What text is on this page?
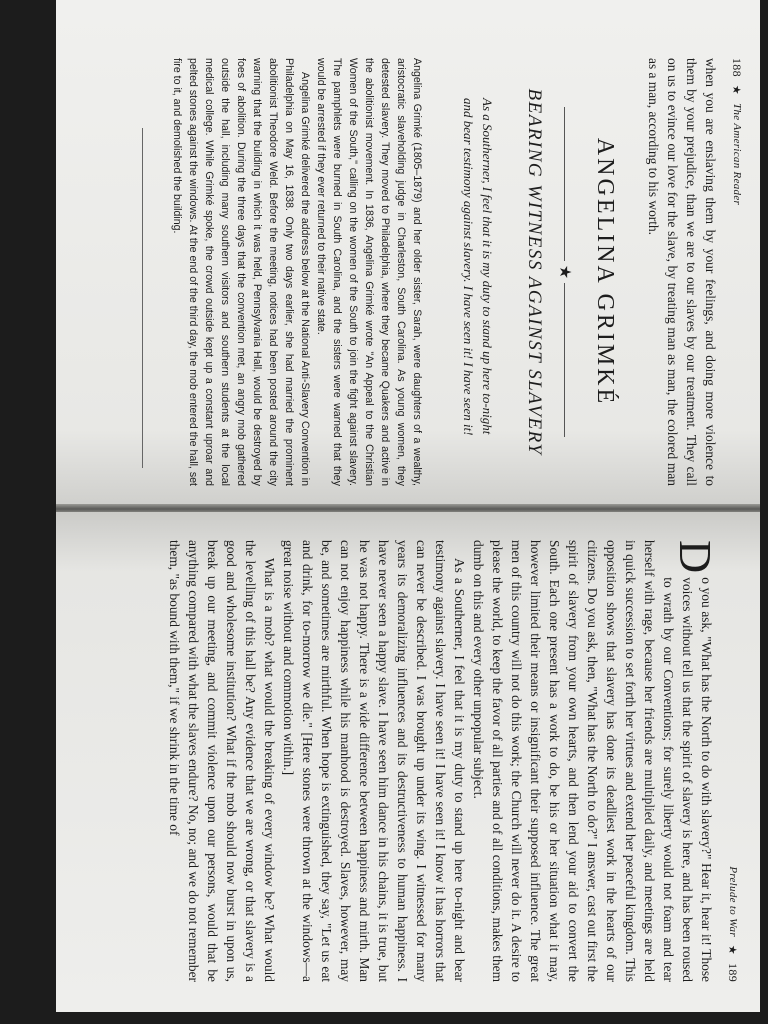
188
★
The American Reader

when you are enslaving them by your feelings, and doing more violence to them by your prejudice, than we are to our slaves by our treatment. They call on us to evince our love for the slave, by treating man as man, the colored man as a man, according to his worth.

ANGELINA GRIMKÉ
★
BEARING WITNESS AGAINST SLAVERY
As a Southerner, I feel that it is my duty to stand up here to-night and bear testimony against slavery. I have seen it! I have seen it!

Angelina Grimké (1805–1879) and her older sister, Sarah, were daughters of a wealthy, aristocratic slaveholding judge in Charleston, South Carolina. As young women, they detested slavery. They moved to Philadelphia, where they became Quakers and active in the abolitionist movement. In 1836, Angelina Grimké wrote "An Appeal to the Christian Women of the South," calling on the women of the South to join the fight against slavery. The pamphlets were burned in South Carolina, and the sisters were warned that they would be arrested if they ever returned to their native state.

Angelina Grimké delivered the address below at the National Anti-Slavery Convention in Philadelphia on May 16, 1838. Only two days earlier, she had married the prominent abolitionist Theodore Weld. Before the meeting, notices had been posted around the city warning that the building in which it was held, Pennsylvania Hall, would be destroyed by foes of abolition. During the three days that the convention met, an angry mob gathered outside the hall, including many southern visitors and southern students at the local medical college. While Grimké spoke, the crowd outside kept up a constant uproar and pelted stones against the windows. At the end of the third day, the mob entered the hall, set fire to it, and demolished the building.

Prelude to War
★
189

D
o you ask, "What has the North to do with slavery?" Hear it, hear it! Those voices without tell us that the spirit of slavery is here, and has been roused to wrath by our Conventions; for surely liberty would not foam and tear herself with rage, because her friends are multiplied daily, and meetings are held in quick succession to set forth her virtues and extend her peaceful kingdom. This opposition shows that slavery has done its deadliest work in the hearts of our citizens. Do you ask, then, "What has the North to do?" I answer, cast out first the spirit of slavery from your own hearts, and then lend your aid to convert the South. Each one present has a work to do, be his or her situation what it may, however limited their means or insignificant their supposed influence. The great men of this country will not do this work; the Church will never do it. A desire to please the world, to keep the favor of all parties and of all conditions, makes them dumb on this and every other unpopular subject.

As a Southerner, I feel that it is my duty to stand up here to-night and bear testimony against slavery. I have seen it! I have seen it! I know it has horrors that can never be described. I was brought up under its wing. I witnessed for many years its demoralizing influences and its destructiveness to human happiness. I have never seen a happy slave. I have seen him dance in his chains, it is true, but he was not happy. There is a wide difference between happiness and mirth. Man can not enjoy happiness while his manhood is destroyed. Slaves, however, may be, and sometimes are mirthful. When hope is extinguished, they say, "Let us eat and drink, for to-morrow we die." [Here stones were thrown at the windows—a great noise without and commotion within.]

What is a mob? what would the breaking of every window be? What would the levelling of this hall be? Any evidence that we are wrong, or that slavery is a good and wholesome institution? What if the mob should now burst in upon us, break up our meeting, and commit violence upon our persons, would that be anything compared with what the slaves endure? No, no; and we do not remember them, "as bound with them," if we shrink in the time of
